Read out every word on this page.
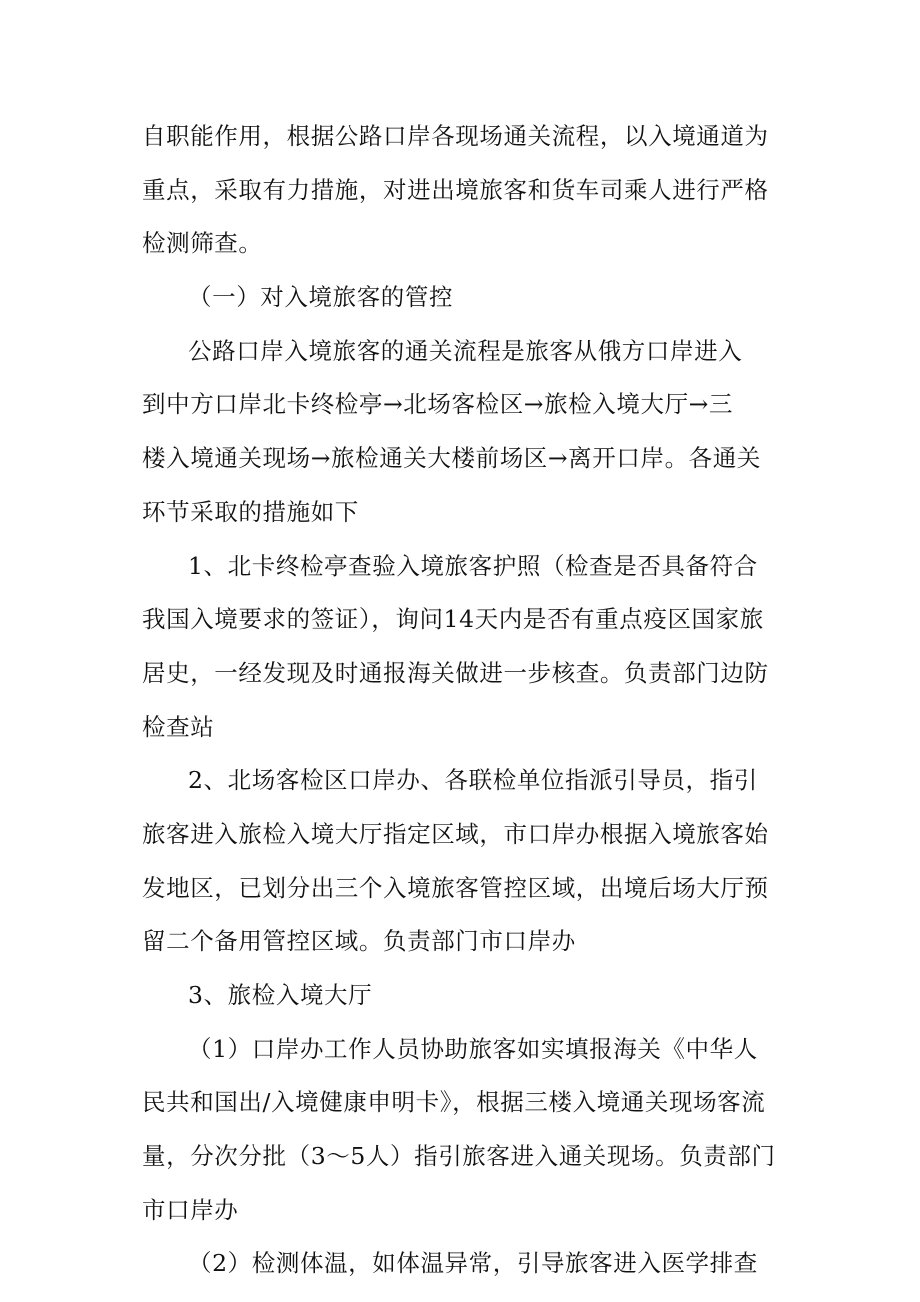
自职能作用，根据公路口岸各现场通关流程，以入境通道为
重点，采取有力措施，对进出境旅客和货车司乘人进行严格
检测筛查。
（一）对入境旅客的管控
公路口岸入境旅客的通关流程是旅客从俄方口岸进入
到中方口岸北卡终检亭→北场客检区→旅检入境大厅→三
楼入境通关现场→旅检通关大楼前场区→离开口岸。各通关
环节采取的措施如下
1、北卡终检亭查验入境旅客护照（检查是否具备符合
我国入境要求的签证），询问14天内是否有重点疫区国家旅
居史，一经发现及时通报海关做进一步核查。负责部门边防
检查站
2、北场客检区口岸办、各联检单位指派引导员，指引
旅客进入旅检入境大厅指定区域，市口岸办根据入境旅客始
发地区，已划分出三个入境旅客管控区域，出境后场大厅预
留二个备用管控区域。负责部门市口岸办
3、旅检入境大厅
（1）口岸办工作人员协助旅客如实填报海关《中华人
民共和国出/入境健康申明卡》，根据三楼入境通关现场客流
量，分次分批（3～5人）指引旅客进入通关现场。负责部门
市口岸办
（2）检测体温，如体温异常，引导旅客进入医学排查
